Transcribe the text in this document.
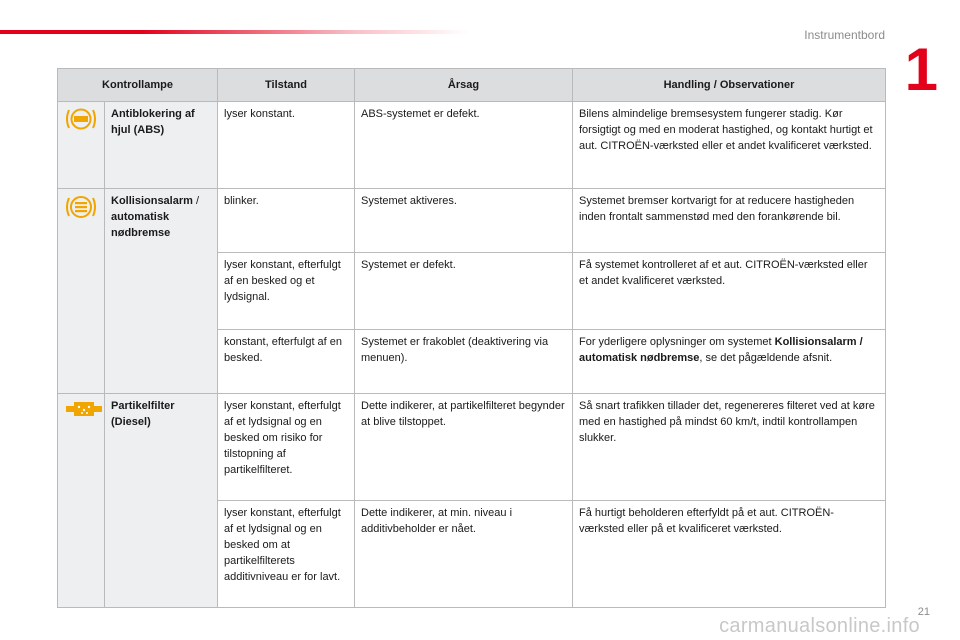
Instrumentbord
1
Kontrollampe		Tilstand	Årsag	Handling / Observationer

	Antiblokering af hjul (ABS)	lyser konstant.	ABS-systemet er defekt.	Bilens almindelige bremsesystem fungerer stadig. Kør forsigtigt og med en moderat hastighed, og kontakt hurtigt et aut. CITROËN-værksted eller et andet kvalificeret værksted.

	Kollisionsalarm /
automatisk nødbremse	blinker.	Systemet aktiveres.	Systemet bremser kortvarigt for at reducere hastigheden inden frontalt sammenstød med den forankørende bil.
		lyser konstant, efterfulgt af en besked og et lydsignal.	Systemet er defekt.	Få systemet kontrolleret af et aut. CITROËN-værksted eller et andet kvalificeret værksted.
		konstant, efterfulgt af en besked.	Systemet er frakoblet (deaktivering via menuen).	For yderligere oplysninger om systemet Kollisionsalarm / automatisk nødbremse, se det pågældende afsnit.

	Partikelfilter (Diesel)	lyser konstant, efterfulgt af et lydsignal og en besked om risiko for tilstopning af partikelfilteret.	Dette indikerer, at partikelfilteret begynder at blive tilstoppet.	Så snart trafikken tillader det, regenereres filteret ved at køre med en hastighed på mindst 60 km/t, indtil kontrollampen slukker.
		lyser konstant, efterfulgt af et lydsignal og en besked om at partikelfilterets additivniveau er for lavt.	Dette indikerer, at min. niveau i additivbeholder er nået.	Få hurtigt beholderen efterfyldt på et aut. CITROËN-værksted eller på et kvalificeret værksted.
21
carmanualsonline.info
